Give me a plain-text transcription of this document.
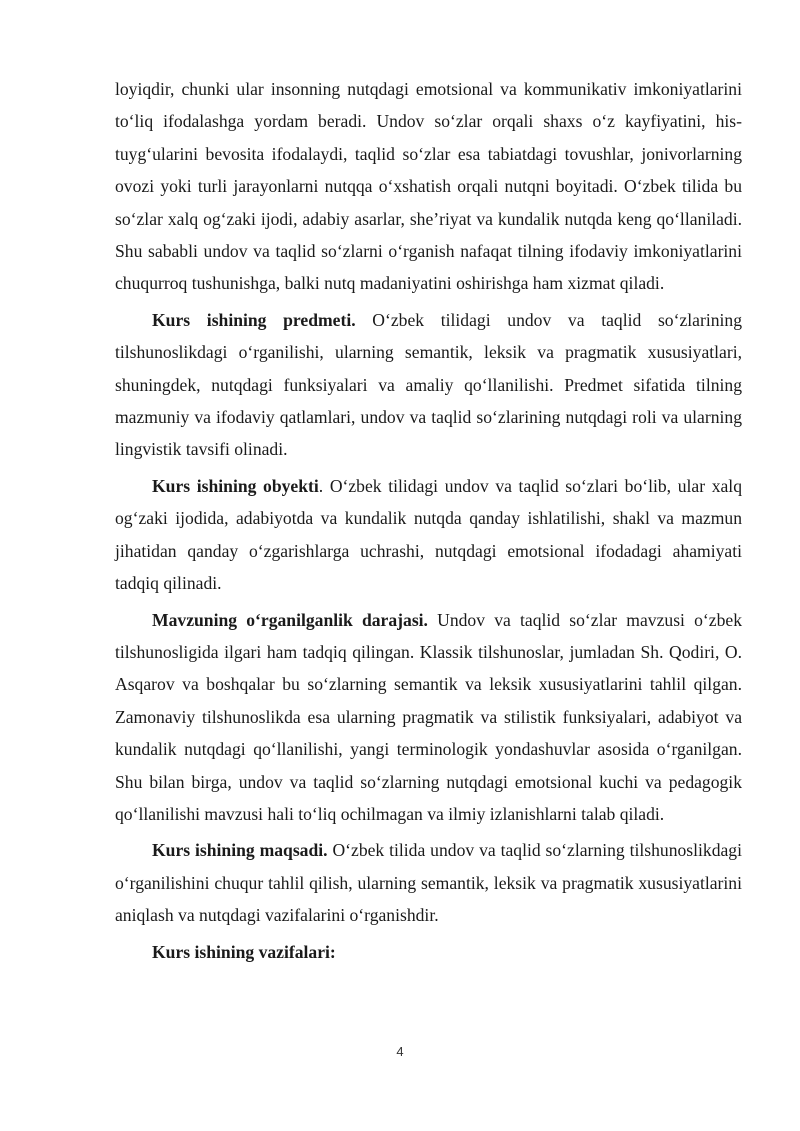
loyiqdir, chunki ular insonning nutqdagi emotsional va kommunikativ imkoniyatlarini to‘liq ifodalashga yordam beradi. Undov so‘zlar orqali shaxs o‘z kayfiyatini, his-tuyg‘ularini bevosita ifodalaydi, taqlid so‘zlar esa tabiatdagi tovushlar, jonivorlarning ovozi yoki turli jarayonlarni nutqqa o‘xshatish orqali nutqni boyitadi. O‘zbek tilida bu so‘zlar xalq og‘zaki ijodi, adabiy asarlar, she’riyat va kundalik nutqda keng qo‘llaniladi. Shu sababli undov va taqlid so‘zlarni o‘rganish nafaqat tilning ifodaviy imkoniyatlarini chuqurroq tushunishga, balki nutq madaniyatini oshirishga ham xizmat qiladi.

Kurs ishining predmeti. O‘zbek tilidagi undov va taqlid so‘zlarining tilshunoslikdagi o‘rganilishi, ularning semantik, leksik va pragmatik xususiyatlari, shuningdek, nutqdagi funksiyalari va amaliy qo‘llanilishi. Predmet sifatida tilning mazmuniy va ifodaviy qatlamlari, undov va taqlid so‘zlarining nutqdagi roli va ularning lingvistik tavsifi olinadi.

Kurs ishining obyekti. O‘zbek tilidagi undov va taqlid so‘zlari bo‘lib, ular xalq og‘zaki ijodida, adabiyotda va kundalik nutqda qanday ishlatilishi, shakl va mazmun jihatidan qanday o‘zgarishlarga uchrashi, nutqdagi emotsional ifodadagi ahamiyati tadqiq qilinadi.

Mavzuning o‘rganilganlik darajasi. Undov va taqlid so‘zlar mavzusi o‘zbek tilshunosligida ilgari ham tadqiq qilingan. Klassik tilshunoslar, jumladan Sh. Qodiri, O. Asqarov va boshqalar bu so‘zlarning semantik va leksik xususiyatlarini tahlil qilgan. Zamonaviy tilshunoslikda esa ularning pragmatik va stilistik funksiyalari, adabiyot va kundalik nutqdagi qo‘llanilishi, yangi terminologik yondashuvlar asosida o‘rganilgan. Shu bilan birga, undov va taqlid so‘zlarning nutqdagi emotsional kuchi va pedagogik qo‘llanilishi mavzusi hali to‘liq ochilmagan va ilmiy izlanishlarni talab qiladi.

Kurs ishining maqsadi. O‘zbek tilida undov va taqlid so‘zlarning tilshunoslikdagi o‘rganilishini chuqur tahlil qilish, ularning semantik, leksik va pragmatik xususiyatlarini aniqlash va nutqdagi vazifalarini o‘rganishdir.

Kurs ishining vazifalari:

4
